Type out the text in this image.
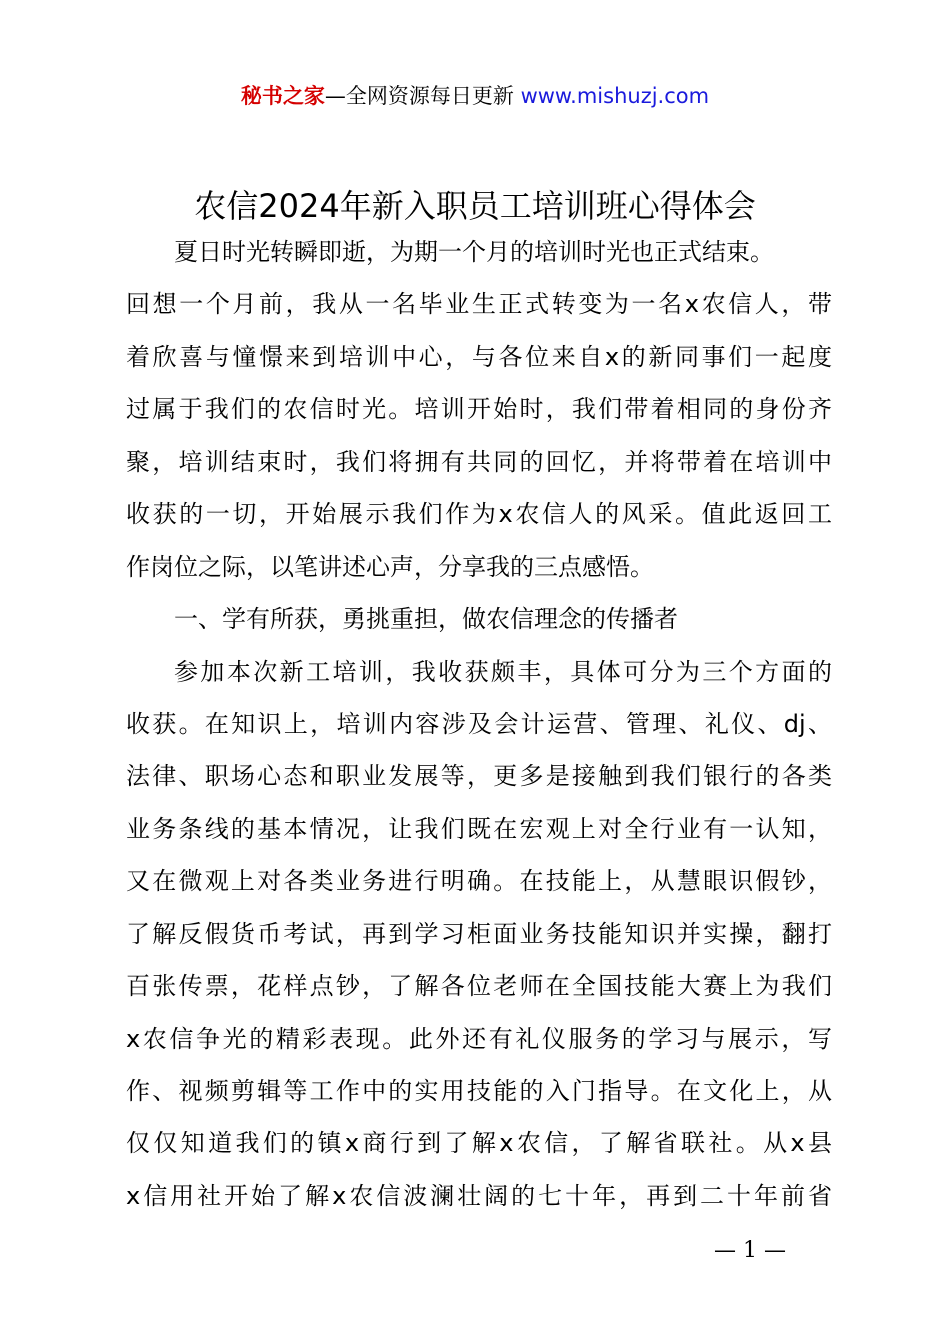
秘书之家—全网资源每日更新 www.mishuzj.com
农信2024年新入职员工培训班心得体会
夏日时光转瞬即逝，为期一个月的培训时光也正式结束。
回想一个月前，我从一名毕业生正式转变为一名x农信人，带
着欣喜与憧憬来到培训中心，与各位来自x的新同事们一起度
过属于我们的农信时光。培训开始时，我们带着相同的身份齐
聚，培训结束时，我们将拥有共同的回忆，并将带着在培训中
收获的一切，开始展示我们作为x农信人的风采。值此返回工
作岗位之际，以笔讲述心声，分享我的三点感悟。
一、学有所获，勇挑重担，做农信理念的传播者
参加本次新工培训，我收获颇丰，具体可分为三个方面的
收获。在知识上，培训内容涉及会计运营、管理、礼仪、dj、
法律、职场心态和职业发展等，更多是接触到我们银行的各类
业务条线的基本情况，让我们既在宏观上对全行业有一认知，
又在微观上对各类业务进行明确。在技能上，从慧眼识假钞，
了解反假货币考试，再到学习柜面业务技能知识并实操，翻打
百张传票，花样点钞，了解各位老师在全国技能大赛上为我们
x农信争光的精彩表现。此外还有礼仪服务的学习与展示，写
作、视频剪辑等工作中的实用技能的入门指导。在文化上，从
仅仅知道我们的镇x商行到了解x农信，了解省联社。从x县
x信用社开始了解x农信波澜壮阔的七十年，再到二十年前省
— 1 —
